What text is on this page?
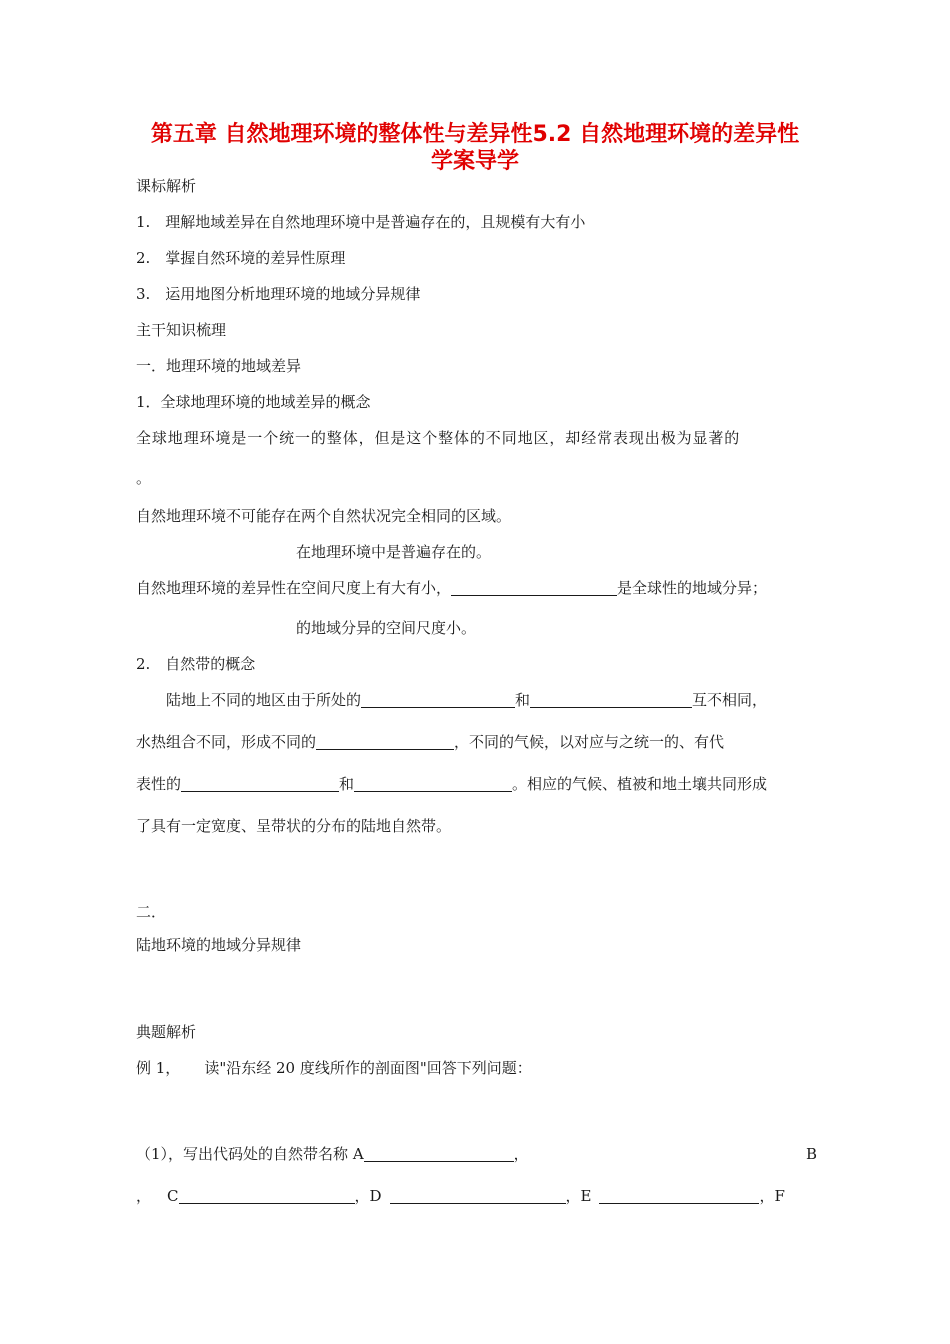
第五章 自然地理环境的整体性与差异性5.2 自然地理环境的差异性
学案导学
课标解析
1.　理解地域差异在自然地理环境中是普遍存在的，且规模有大有小
2.　掌握自然环境的差异性原理
3.　运用地图分析地理环境的地域分异规律
主干知识梳理
一．地理环境的地域差异
1．全球地理环境的地域差异的概念
全球地理环境是一个统一的整体，但是这个整体的不同地区，却经常表现出极为显著的
。
自然地理环境不可能存在两个自然状况完全相同的区域。
在地理环境中是普遍存在的。
自然地理环境的差异性在空间尺度上有大有小，	是全球性的地域分异；
的地域分异的空间尺度小。
2.　自然带的概念
陆地上不同的地区由于所处的	和	互不相同，
水热组合不同，形成不同的	，不同的气候，以对应与之统一的、有代
表性的	和	。相应的气候、植被和地土壤共同形成
了具有一定宽度、呈带状的分布的陆地自然带。
二．
陆地环境的地域分异规律
典题解析
例 1， 读"沿东经 20 度线所作的剖面图"回答下列问题：
（1），写出代码处的自然带名称 A	，	B
， C	，D	，E	，F
